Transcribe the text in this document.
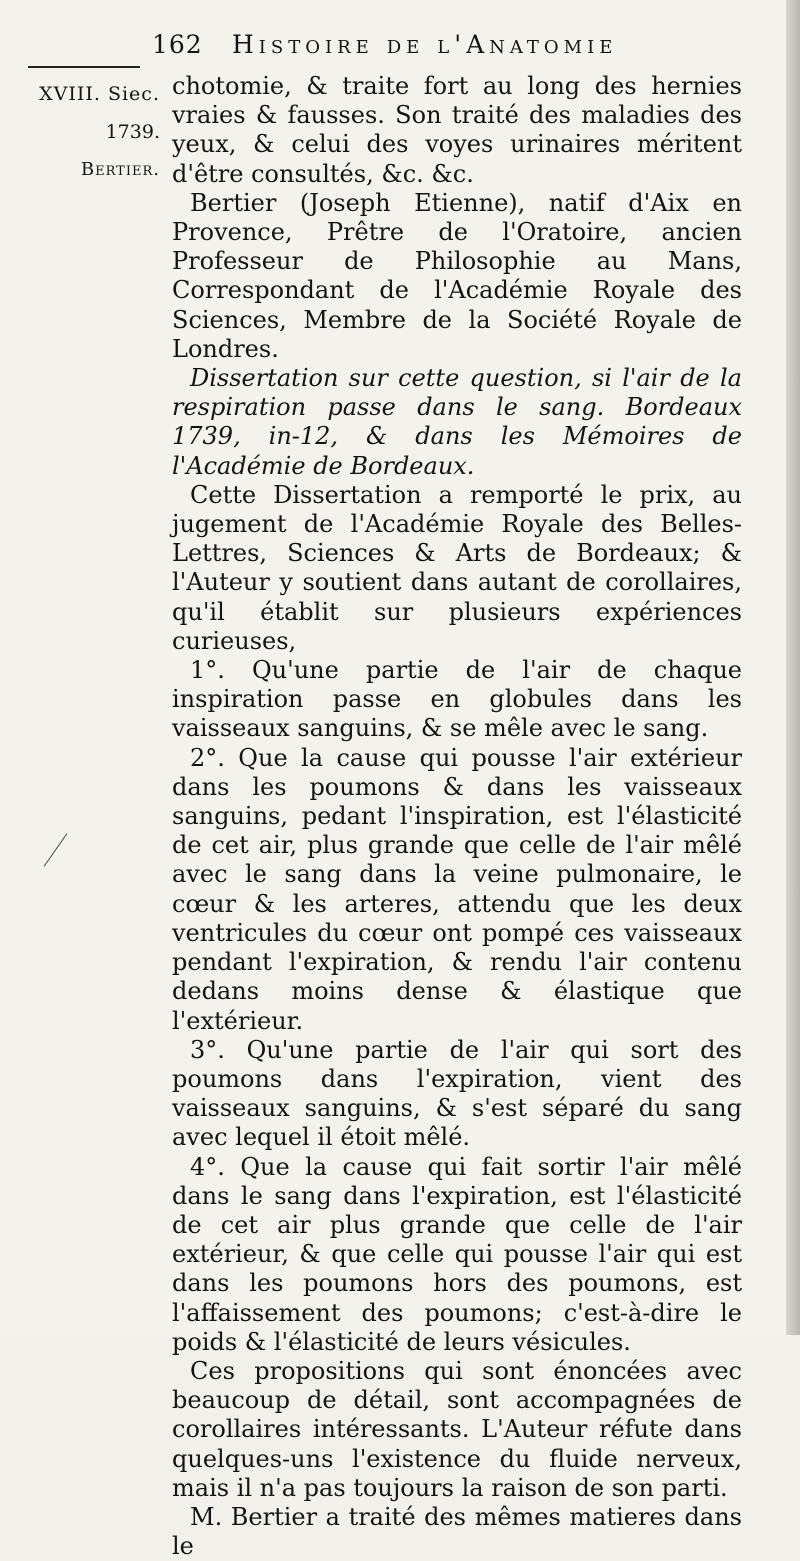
162 Histoire de l'Anatomie
XVIII. Siec.
1739.
Bertier.

chotomie, & traite fort au long des hernies vraies & fausses. Son traité des maladies des yeux, & celui des voyes urinaires méritent d'être consultés, &c. &c.

Bertier (Joseph Etienne), natif d'Aix en Provence, Prêtre de l'Oratoire, ancien Professeur de Philosophie au Mans, Correspondant de l'Académie Royale des Sciences, Membre de la Société Royale de Londres.

Dissertation sur cette question, si l'air de la respiration passe dans le sang. Bordeaux 1739, in-12, & dans les Mémoires de l'Académie de Bordeaux.

Cette Dissertation a remporté le prix, au jugement de l'Académie Royale des Belles-Lettres, Sciences & Arts de Bordeaux; & l'Auteur y soutient dans autant de corollaires, qu'il établit sur plusieurs expériences curieuses,

1°. Qu'une partie de l'air de chaque inspiration passe en globules dans les vaisseaux sanguins, & se mêle avec le sang.

2°. Que la cause qui pousse l'air extérieur dans les poumons & dans les vaisseaux sanguins, pedant l'inspiration, est l'élasticité de cet air, plus grande que celle de l'air mêlé avec le sang dans la veine pulmonaire, le cœur & les arteres, attendu que les deux ventricules du cœur ont pompé ces vaisseaux pendant l'expiration, & rendu l'air contenu dedans moins dense & élastique que l'extérieur.

3°. Qu'une partie de l'air qui sort des poumons dans l'expiration, vient des vaisseaux sanguins, & s'est séparé du sang avec lequel il étoit mêlé.

4°. Que la cause qui fait sortir l'air mêlé dans le sang dans l'expiration, est l'élasticité de cet air plus grande que celle de l'air extérieur, & que celle qui pousse l'air qui est dans les poumons hors des poumons, est l'affaissement des poumons; c'est-à-dire le poids & l'élasticité de leurs vésicules.

Ces propositions qui sont énoncées avec beaucoup de détail, sont accompagnées de corollaires intéressants. L'Auteur réfute dans quelques-uns l'existence du fluide nerveux, mais il n'a pas toujours la raison de son parti.

M. Bertier a traité des mêmes matieres dans le
